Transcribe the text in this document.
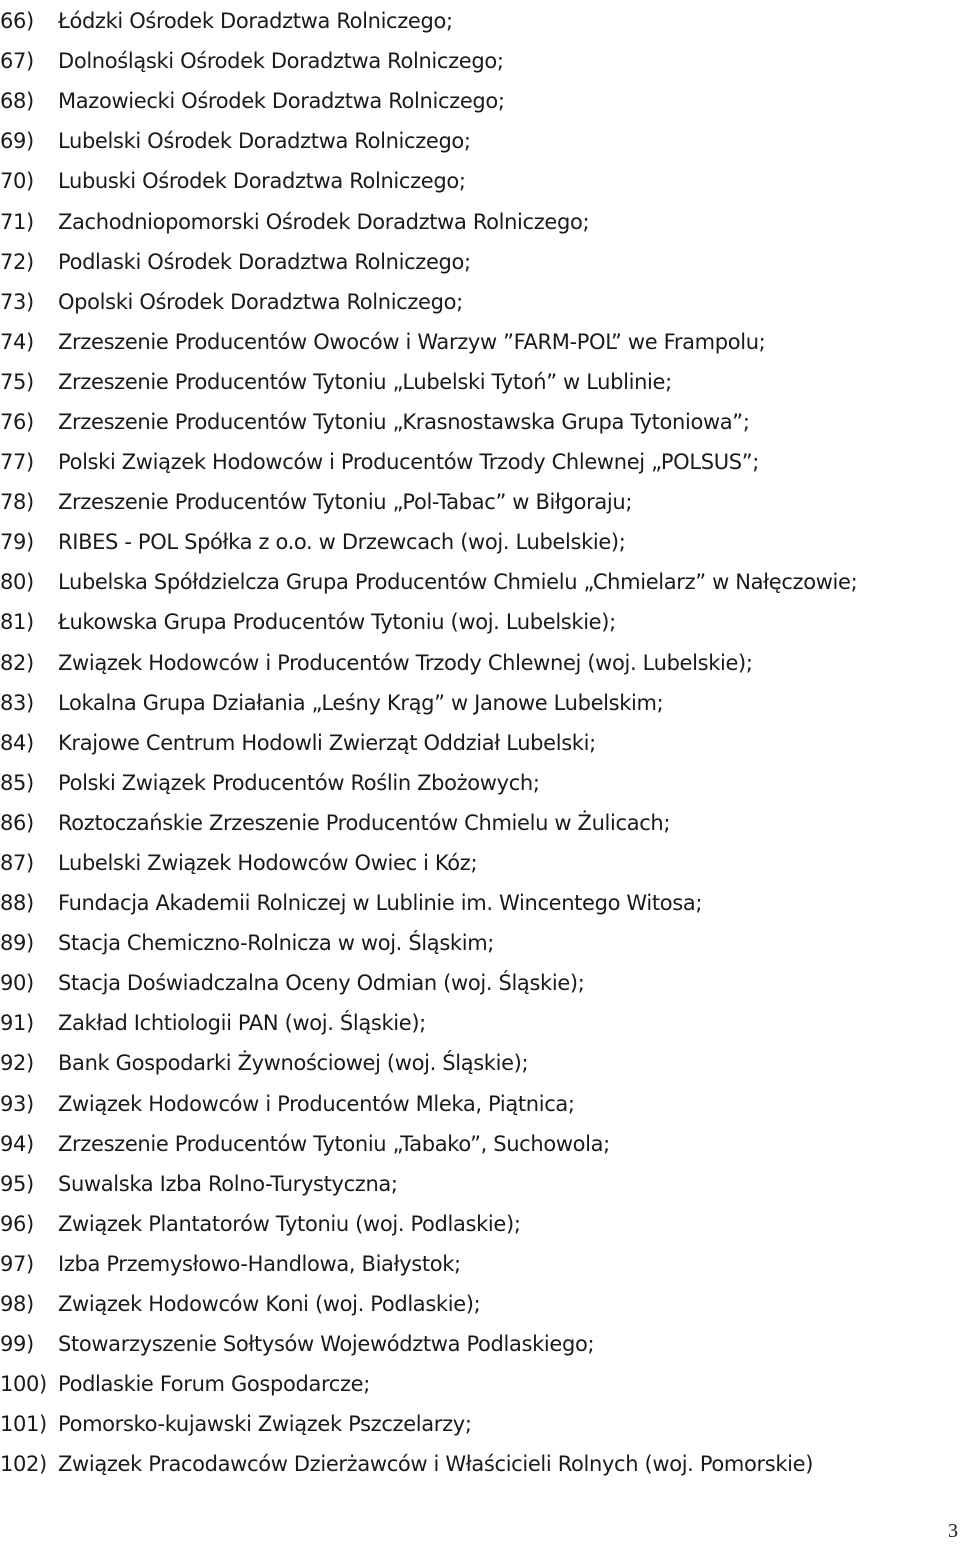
66)	Łódzki Ośrodek Doradztwa Rolniczego;
67)	Dolnośląski Ośrodek Doradztwa Rolniczego;
68)	Mazowiecki Ośrodek Doradztwa Rolniczego;
69)	Lubelski Ośrodek Doradztwa Rolniczego;
70)	Lubuski Ośrodek Doradztwa Rolniczego;
71)	Zachodniopomorski Ośrodek Doradztwa Rolniczego;
72)	Podlaski Ośrodek Doradztwa Rolniczego;
73)	Opolski Ośrodek Doradztwa Rolniczego;
74)	Zrzeszenie Producentów Owoców i Warzyw ”FARM-POL” we Frampolu;
75)	Zrzeszenie Producentów Tytoniu „Lubelski Tytoń” w Lublinie;
76)	Zrzeszenie Producentów Tytoniu „Krasnostawska Grupa Tytoniowa”;
77)	Polski Związek Hodowców i Producentów Trzody Chlewnej „POLSUS”;
78)	Zrzeszenie Producentów Tytoniu „Pol-Tabac” w Biłgoraju;
79)	RIBES - POL Spółka z o.o. w Drzewcach (woj. Lubelskie);
80)	Lubelska Spółdzielcza Grupa Producentów Chmielu „Chmielarz” w Nałęczowie;
81)	Łukowska Grupa Producentów Tytoniu (woj. Lubelskie);
82)	Związek Hodowców i Producentów Trzody Chlewnej (woj. Lubelskie);
83)	Lokalna Grupa Działania „Leśny Krąg” w Janowe Lubelskim;
84)	Krajowe Centrum Hodowli Zwierząt Oddział Lubelski;
85)	Polski Związek Producentów Roślin Zbożowych;
86)	Roztoczańskie Zrzeszenie Producentów Chmielu w Żulicach;
87)	Lubelski Związek Hodowców Owiec i Kóz;
88)	Fundacja Akademii Rolniczej w Lublinie im. Wincentego Witosa;
89)	Stacja Chemiczno-Rolnicza w woj. Śląskim;
90)	Stacja Doświadczalna Oceny Odmian (woj. Śląskie);
91)	Zakład Ichtiologii PAN (woj. Śląskie);
92)	Bank Gospodarki Żywnościowej (woj. Śląskie);
93)	Związek Hodowców i Producentów Mleka, Piątnica;
94)	Zrzeszenie Producentów Tytoniu „Tabako”, Suchowola;
95)	Suwalska Izba Rolno-Turystyczna;
96)	Związek Plantatorów Tytoniu (woj. Podlaskie);
97)	Izba Przemysłowo-Handlowa, Białystok;
98)	Związek Hodowców Koni (woj. Podlaskie);
99)	Stowarzyszenie Sołtysów Województwa Podlaskiego;
100) Podlaskie Forum Gospodarcze;
101) Pomorsko-kujawski Związek Pszczelarzy;
102) Związek Pracodawców Dzierżawców i Właścicieli Rolnych (woj. Pomorskie)
3
